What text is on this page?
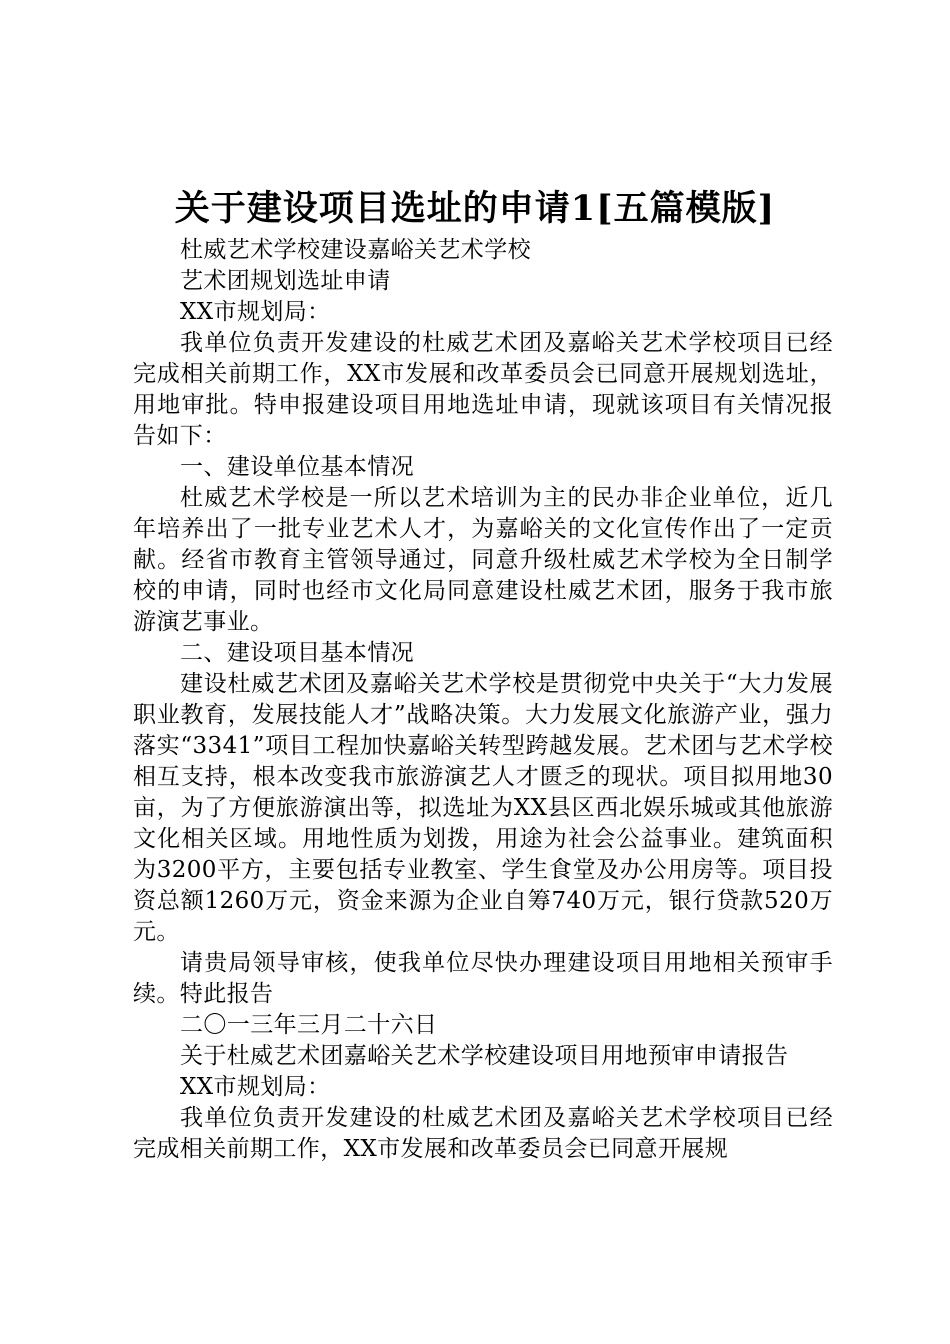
关于建设项目选址的申请1[五篇模版]

杜威艺术学校建设嘉峪关艺术学校

艺术团规划选址申请

XX市规划局：

我单位负责开发建设的杜威艺术团及嘉峪关艺术学校项目已经完成相关前期工作，XX市发展和改革委员会已同意开展规划选址，用地审批。特申报建设项目用地选址申请，现就该项目有关情况报告如下：

一、建设单位基本情况

杜威艺术学校是一所以艺术培训为主的民办非企业单位，近几年培养出了一批专业艺术人才，为嘉峪关的文化宣传作出了一定贡献。经省市教育主管领导通过，同意升级杜威艺术学校为全日制学校的申请，同时也经市文化局同意建设杜威艺术团，服务于我市旅游演艺事业。

二、建设项目基本情况

建设杜威艺术团及嘉峪关艺术学校是贯彻党中央关于“大力发展职业教育，发展技能人才”战略决策。大力发展文化旅游产业，强力落实“3341”项目工程加快嘉峪关转型跨越发展。艺术团与艺术学校相互支持，根本改变我市旅游演艺人才匮乏的现状。项目拟用地30亩，为了方便旅游演出等，拟选址为XX县区西北娱乐城或其他旅游文化相关区域。用地性质为划拨，用途为社会公益事业。建筑面积为3200平方，主要包括专业教室、学生食堂及办公用房等。项目投资总额1260万元，资金来源为企业自筹740万元，银行贷款520万元。

请贵局领导审核，使我单位尽快办理建设项目用地相关预审手续。特此报告

二〇一三年三月二十六日

关于杜威艺术团嘉峪关艺术学校建设项目用地预审申请报告

XX市规划局：

我单位负责开发建设的杜威艺术团及嘉峪关艺术学校项目已经完成相关前期工作，XX市发展和改革委员会已同意开展规
